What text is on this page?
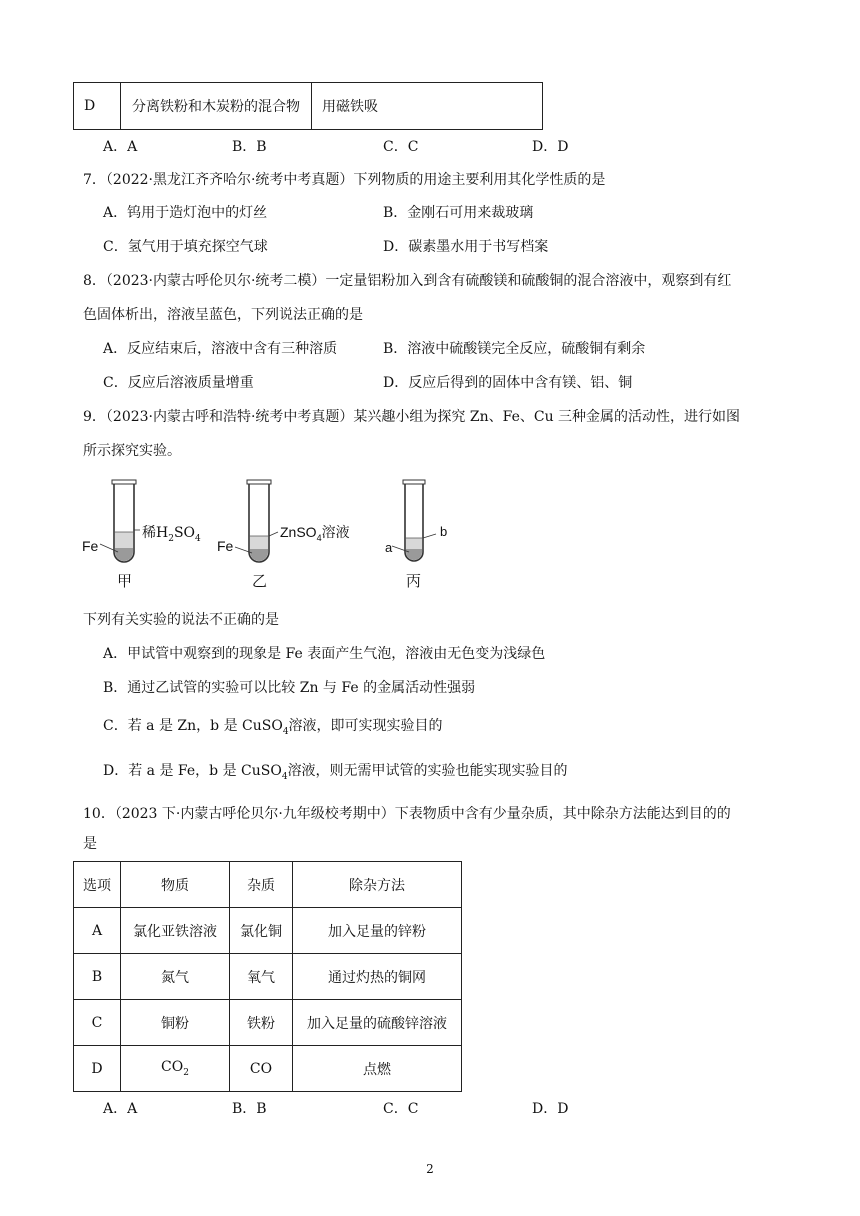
D	分离铁粉和木炭粉的混合物	用磁铁吸
A．A	B．B	C．C	D．D
7．（2022·黑龙江齐齐哈尔·统考中考真题）下列物质的用途主要利用其化学性质的是
A．钨用于造灯泡中的灯丝	B．金刚石可用来裁玻璃
C．氢气用于填充探空气球	D．碳素墨水用于书写档案
8．（2023·内蒙古呼伦贝尔·统考二模）一定量铝粉加入到含有硫酸镁和硫酸铜的混合溶液中，观察到有红
色固体析出，溶液呈蓝色，下列说法正确的是
A．反应结束后，溶液中含有三种溶质	B．溶液中硫酸镁完全反应，硫酸铜有剩余
C．反应后溶液质量增重	D．反应后得到的固体中含有镁、铝、铜
9．（2023·内蒙古呼和浩特·统考中考真题）某兴趣小组为探究 Zn、Fe、Cu 三种金属的活动性，进行如图
所示探究实验。
Fe
稀$H_2SO_4$
甲
Fe
ZnSO$_4$溶液
乙
a
b
丙
下列有关实验的说法不正确的是
A．甲试管中观察到的现象是 Fe 表面产生气泡，溶液由无色变为浅绿色
B．通过乙试管的实验可以比较 Zn 与 Fe 的金属活动性强弱
C．若 a 是 Zn，b 是 CuSO$_4$溶液，即可实现实验目的
D．若 a 是 Fe，b 是 CuSO$_4$溶液，则无需甲试管的实验也能实现实验目的
10．（2023 下·内蒙古呼伦贝尔·九年级校考期中）下表物质中含有少量杂质，其中除杂方法能达到目的的
是
选项	物质	杂质	除杂方法
A	氯化亚铁溶液	氯化铜	加入足量的锌粉
B	氮气	氧气	通过灼热的铜网
C	铜粉	铁粉	加入足量的硫酸锌溶液
D	$CO_2$	CO	点燃
A．A	B．B	C．C	D．D
2
